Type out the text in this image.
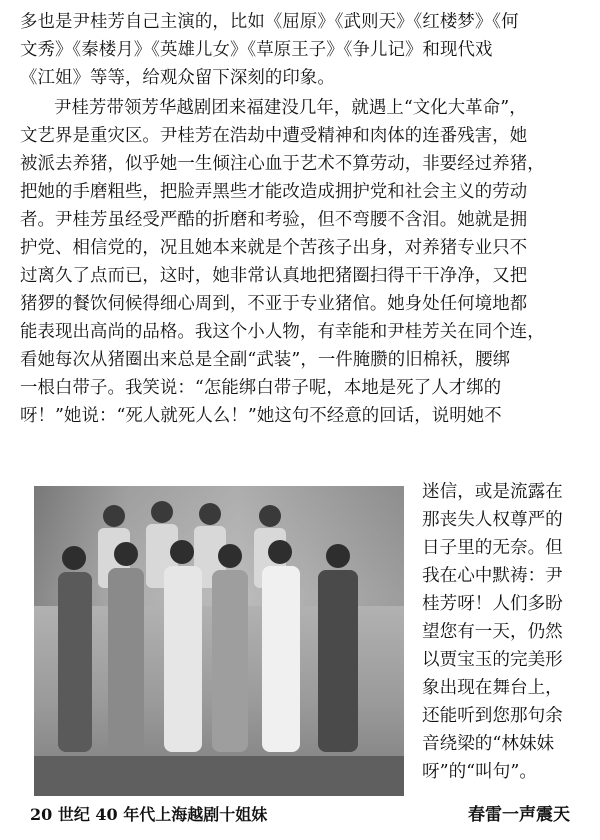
多也是尹桂芳自己主演的，比如《屈原》《武则天》《红楼梦》《何
文秀》《秦楼月》《英雄儿女》《草原王子》《争儿记》和现代戏
《江姐》等等，给观众留下深刻的印象。
尹桂芳带领芳华越剧团来福建没几年，就遇上“文化大革命”，
文艺界是重灾区。尹桂芳在浩劫中遭受精神和肉体的连番残害，她
被派去养猪，似乎她一生倾注心血于艺术不算劳动，非要经过养猪，
把她的手磨粗些，把脸弄黑些才能改造成拥护党和社会主义的劳动
者。尹桂芳虽经受严酷的折磨和考验，但不弯腰不含泪。她就是拥
护党、相信党的，况且她本来就是个苦孩子出身，对养猪专业只不
过离久了点而已，这时，她非常认真地把猪圈扫得干干净净，又把
猪猡的餐饮伺候得细心周到，不亚于专业猪倌。她身处任何境地都
能表现出高尚的品格。我这个小人物，有幸能和尹桂芳关在同个连，
看她每次从猪圈出来总是全副“武装”，一件腌臜的旧棉袄，腰绑
一根白带子。我笑说：“怎能绑白带子呢，本地是死了人才绑的
呀！”她说：“死人就死人么！”她这句不经意的回话，说明她不
迷信，或是流露在
那丧失人权尊严的
日子里的无奈。但
我在心中默祷：尹
桂芳呀！人们多盼
望您有一天，仍然
以贾宝玉的完美形
象出现在舞台上，
还能听到您那句余
音绕梁的“林妹妹
呀”的“叫句”。
20 世纪 40 年代上海越剧十姐妹	春雷一声震天
